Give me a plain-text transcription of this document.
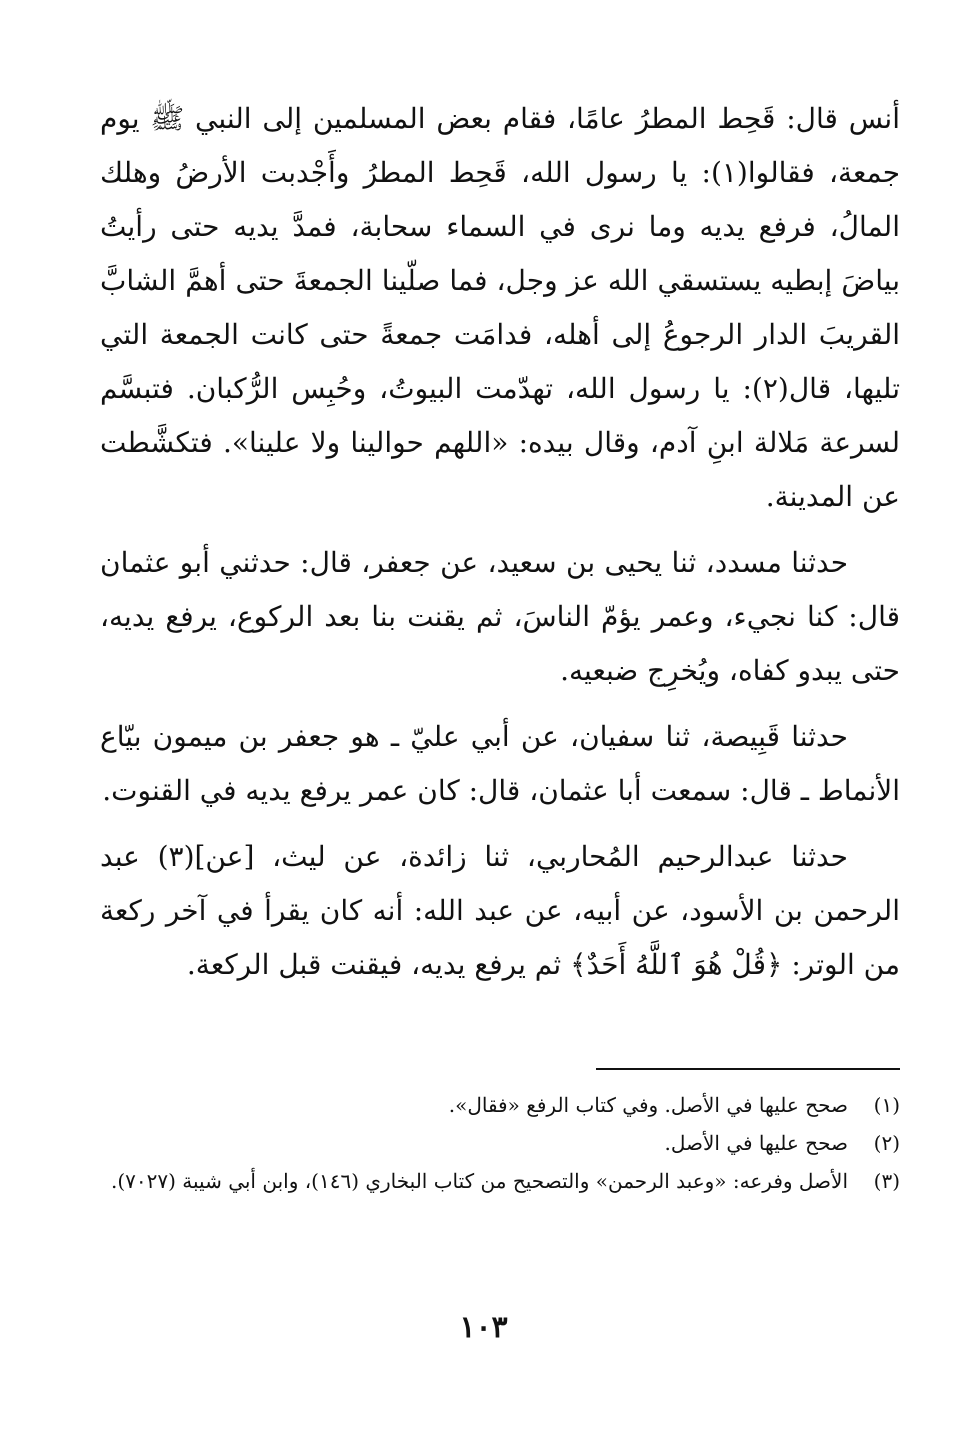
أنس قال: قَحِط المطرُ عامًا، فقام بعض المسلمين إلى النبي ﷺ يوم جمعة، فقالوا(١): يا رسول الله، قَحِط المطرُ وأَجْدبت الأرضُ وهلك المالُ، فرفع يديه وما نرى في السماء سحابة، فمدَّ يديه حتى رأيتُ بياضَ إبطيه يستسقي الله عز وجل، فما صلّينا الجمعةَ حتى أهمَّ الشابَّ القريبَ الدار الرجوعُ إلى أهله، فدامَت جمعةً حتى كانت الجمعة التي تليها، قال(٢): يا رسول الله، تهدّمت البيوتُ، وحُبِس الرُّكبان. فتبسَّم لسرعة مَلالة ابنِ آدم، وقال بيده: «اللهم حوالينا ولا علينا». فتكشَّطت عن المدينة.

حدثنا مسدد، ثنا يحيى بن سعيد، عن جعفر، قال: حدثني أبو عثمان قال: كنا نجيء، وعمر يؤمّ الناسَ، ثم يقنت بنا بعد الركوع، يرفع يديه، حتى يبدو كفاه، ويُخرِج ضبعيه.

حدثنا قَبِيصة، ثنا سفيان، عن أبي عليّ ـ هو جعفر بن ميمون بيّاع الأنماط ـ قال: سمعت أبا عثمان، قال: كان عمر يرفع يديه في القنوت.

حدثنا عبدالرحيم المُحاربي، ثنا زائدة، عن ليث، [عن](٣) عبد الرحمن بن الأسود، عن أبيه، عن عبد الله: أنه كان يقرأ في آخر ركعة من الوتر: ﴿قُلْ هُوَ ٱللَّهُ أَحَدٌ﴾ ثم يرفع يديه، فيقنت قبل الركعة.

(١)
صحح عليها في الأصل. وفي كتاب الرفع «فقال».
(٢)
صحح عليها في الأصل.
(٣)
الأصل وفرعه: «وعبد الرحمن» والتصحيح من كتاب البخاري (١٤٦)، وابن أبي شيبة (٧٠٢٧).
١٠٣
